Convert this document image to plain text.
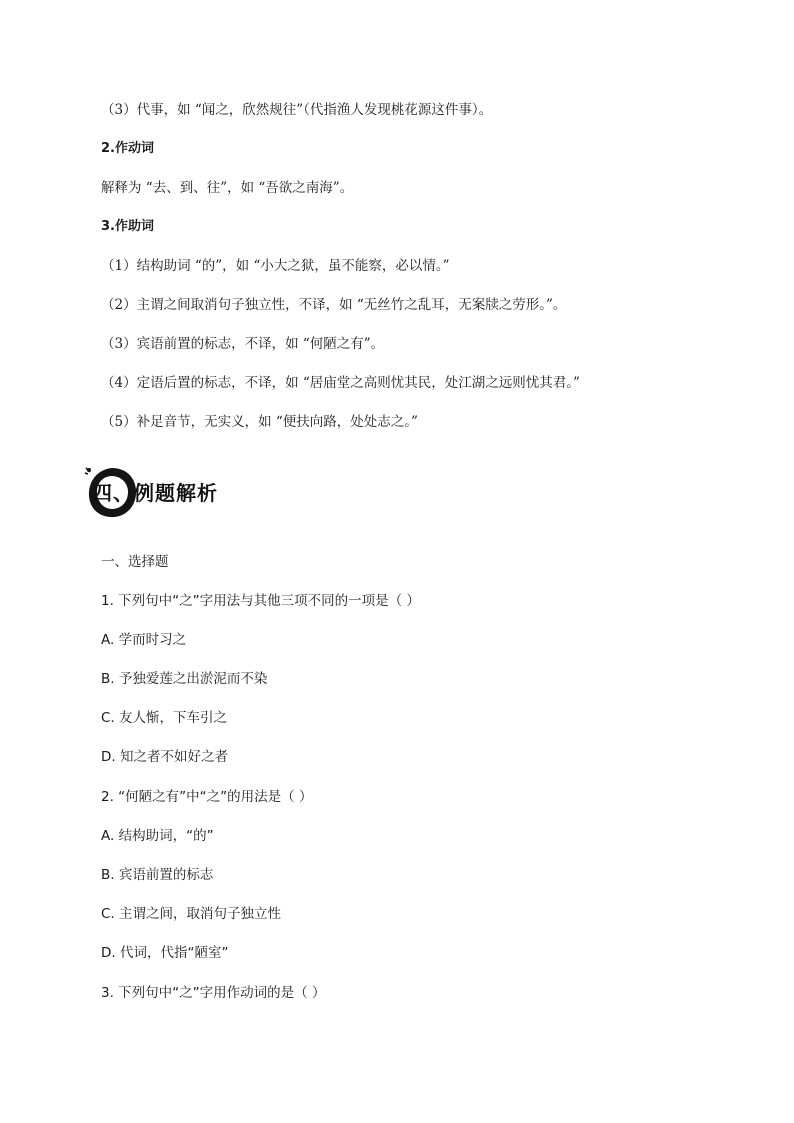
（3）代事，如 “闻之，欣然规往”（代指渔人发现桃花源这件事）。

2.作动词

解释为 “去、到、往”，如 “吾欲之南海”。

3.作助词

（1）结构助词 “的”，如 “小大之狱，虽不能察，必以情。”

（2）主谓之间取消句子独立性，不译，如 “无丝竹之乱耳，无案牍之劳形。”。

（3）宾语前置的标志，不译，如 “何陋之有”。

（4）定语后置的标志，不译，如 “居庙堂之高则忧其民，处江湖之远则忧其君。”

（5）补足音节，无实义，如 “便扶向路，处处志之。”

四、例题解析

一、选择题

1. 下列句中“之”字用法与其他三项不同的一项是（ ）

A. 学而时习之

B. 予独爱莲之出淤泥而不染

C. 友人惭，下车引之

D. 知之者不如好之者

2. “何陋之有”中“之”的用法是（ ）

A. 结构助词，“的”

B. 宾语前置的标志

C. 主谓之间，取消句子独立性

D. 代词，代指“陋室”

3. 下列句中“之”字用作动词的是（ ）
